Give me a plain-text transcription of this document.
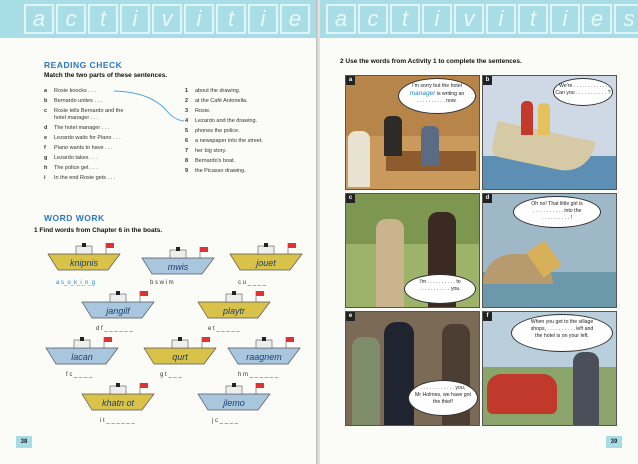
a c	t	i	v	i	t	i	e
READING CHECK
Match the two parts of these sentences.
a Rosie knocks . . .
b Bernardo unties . . .
c Rosie tells Bernardo and the
hotel manager . . .
d The hotel manager . . .
e Lezardo waits for Piano . . .
f Piano wants to have . . .
g Lezardo takes . . .
h The police get . . .
i In the end Rosie gets . . .
1 about the drawing.
2 at the Café Antonella.
3 Rosie.
4 Lezardo and the drawing.
5 phones the police.
6 a newspaper into the street.
7 her big story.
8 Bernardo's boat.
9 the Picasso drawing.
WORD WORK
1 Find words from Chapter 6 in the boats.
knipnis
a s_o_k_i_n_g
mwis
b s w i m
jouet
c u _ _ _ _
jangilf
d f _ _ _ _ _ _
playtr
e t _ _ _ _ _
lacan
f c _ _ _ _
qurt
g t _ _ _
raagnem
h m _ _ _ _ _ _
khatn ot
i t _ _ _ _ _ _
jlemo
j c _ _ _ _
38
a c	t	i	v	i	t	i	e s
2 Use the words from Activity 1 to complete the sentences.
a
I'm sorry but the hotel
manager is writing an
. . . . . . . . . . now.
b
We're . . . . . . . . . . . .
Can you . . . . . . . . . . . ?
c
I'm . . . . . . . . . . to
. . . . . . . . . . . you.
d
Oh no! That little girl is
. . . . . . . . . . . into the
. . . . . . . . . . !
e
. . . . . . . . . . . . you,
Mr Holmes, we have got
the thief!
f
When you get to the village
shops, . . . . . . . . . . left and
the hotel is on your left.
39
